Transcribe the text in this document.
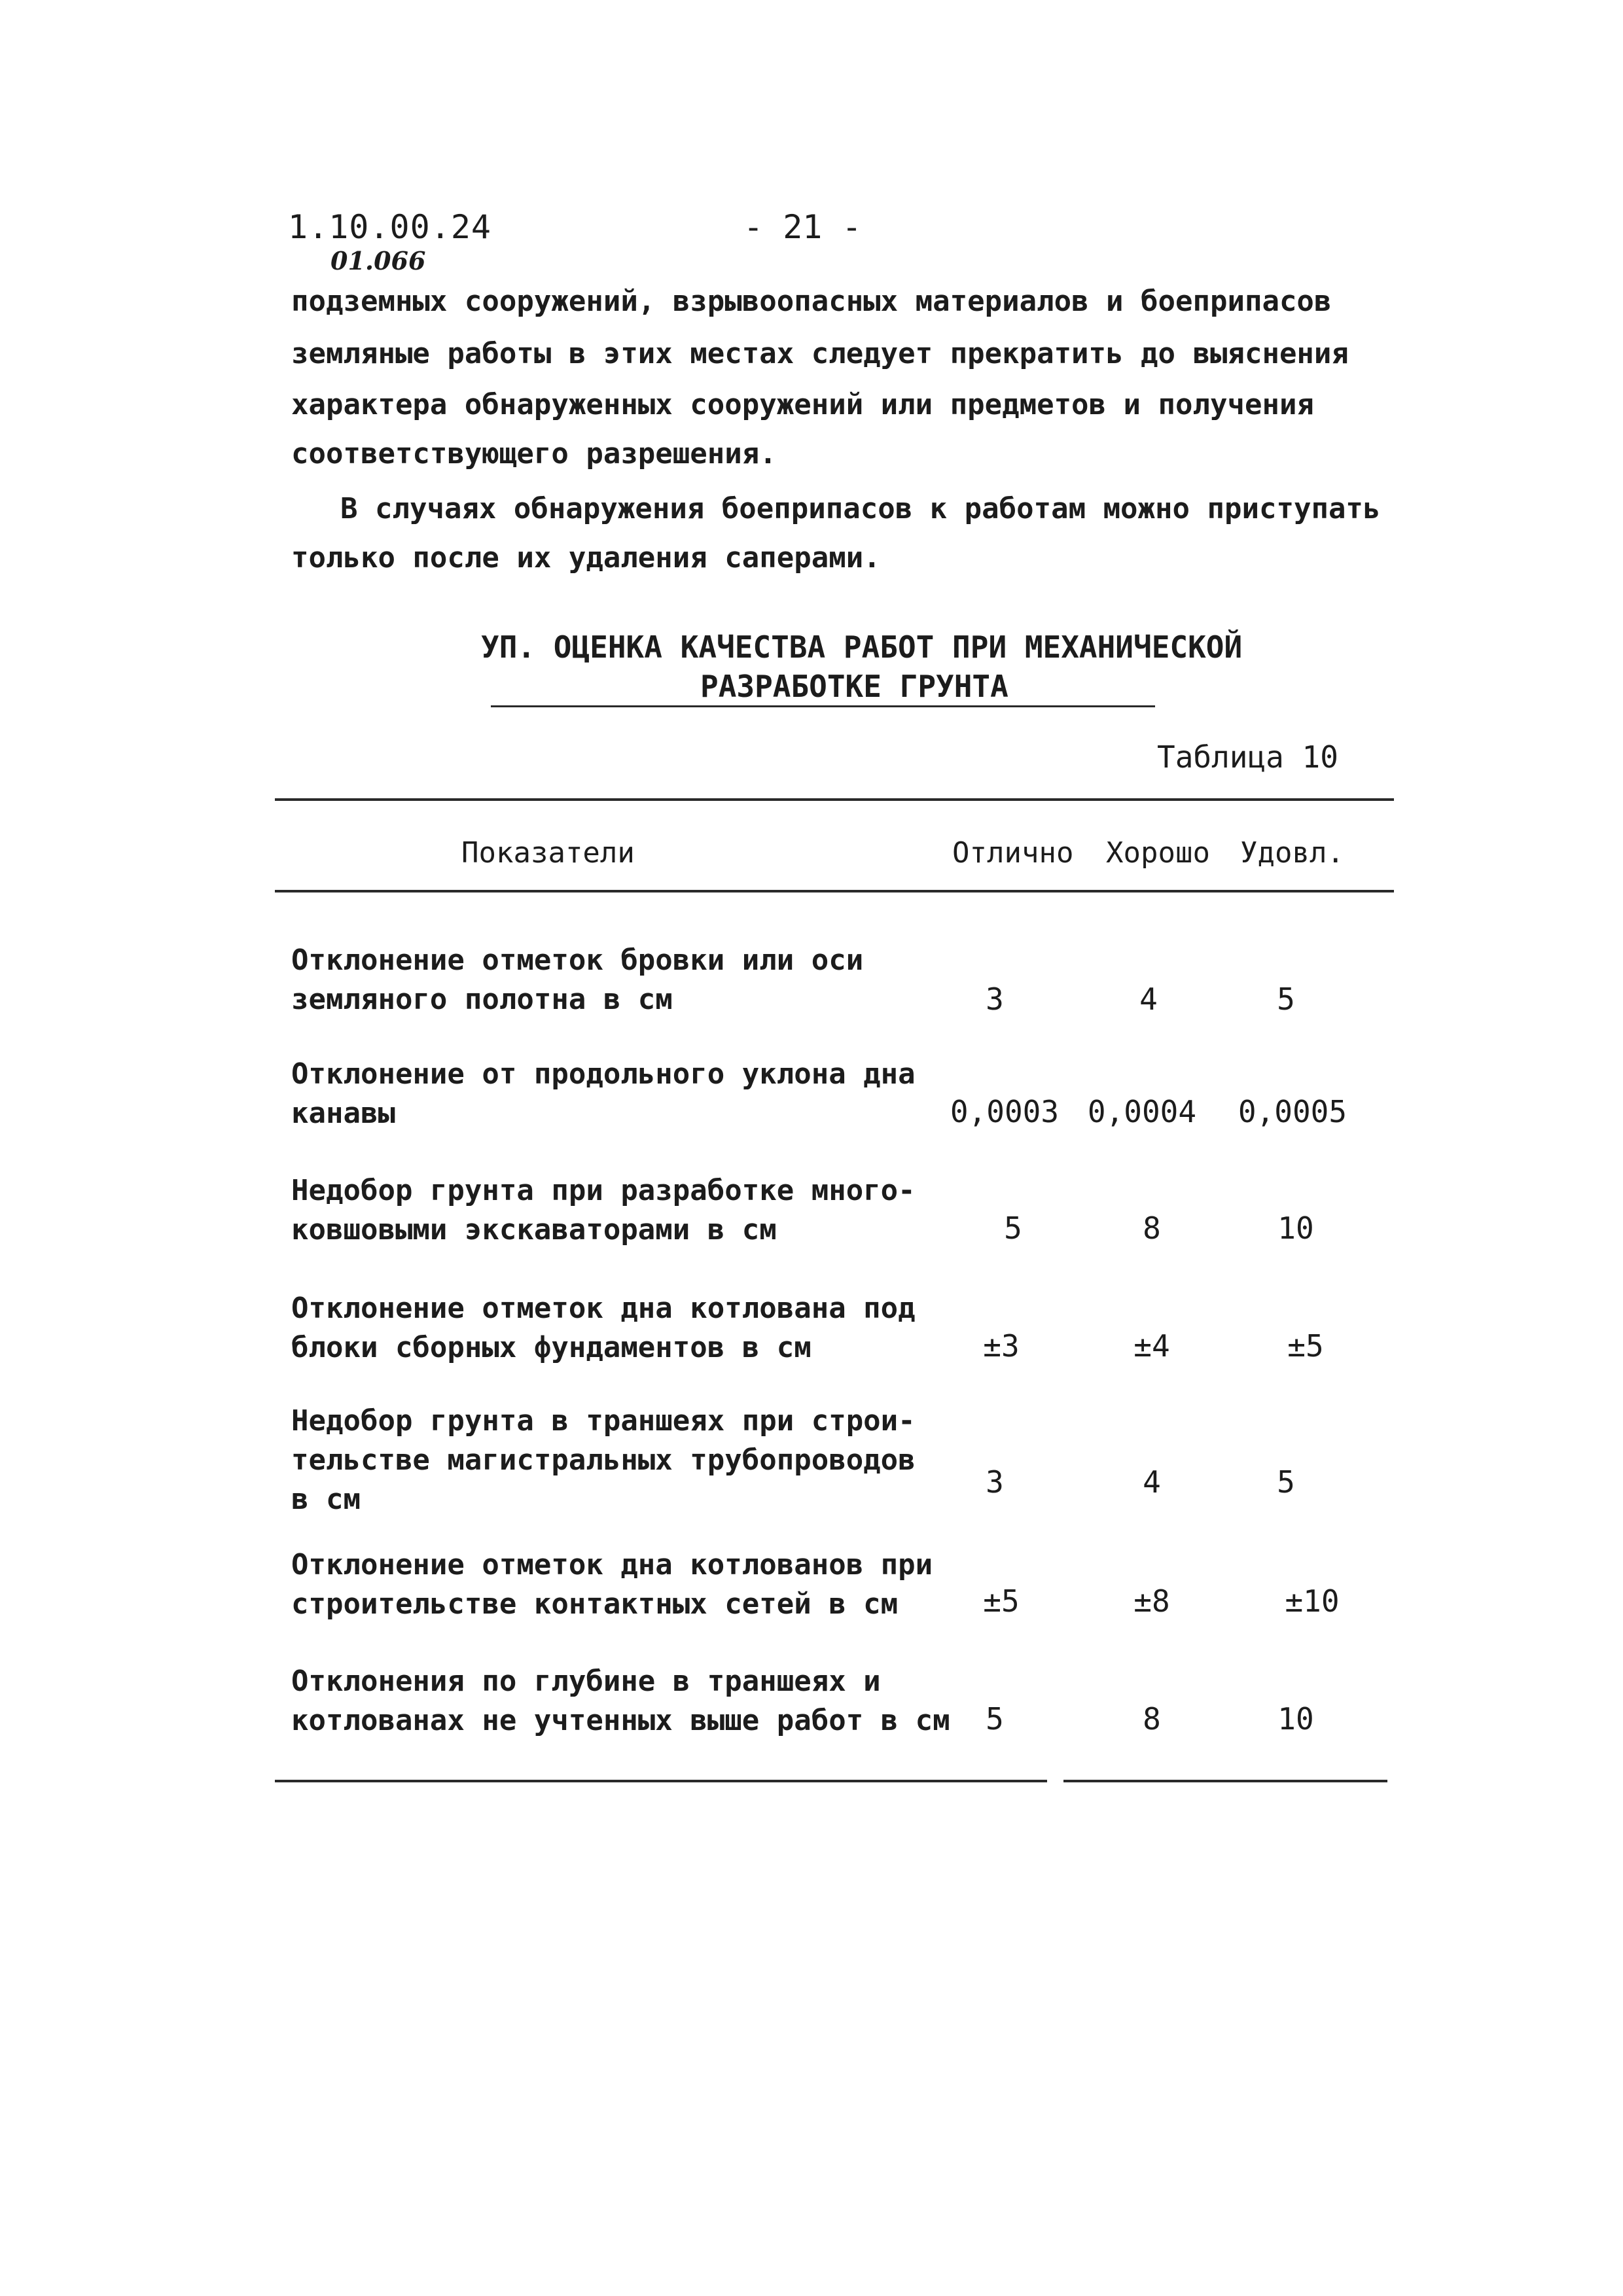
1.10.00.24	- 21 -
01.066
подземных сооружений, взрывоопасных материалов и боеприпасов
земляные работы в этих местах следует прекратить до выяснения
характера обнаруженных сооружений или предметов и получения
соответствующего разрешения.
В случаях обнаружения боеприпасов к работам можно приступать
только после их удаления саперами.
УП. ОЦЕНКА КАЧЕСТВА РАБОТ ПРИ МЕХАНИЧЕСКОЙ
РАЗРАБОТКЕ ГРУНТА
Таблица 10
Показатели	Отлично Хорошо Удовл.
Отклонение отметок бровки или оси
земляного полотна в см	3	4	5
Отклонение от продольного уклона дна
канавы	0,0003 0,0004	0,0005
Недобор грунта при разработке много-
ковшовыми экскаваторами в см	5	8	10
Отклонение отметок дна котлована под
блоки сборных фундаментов в см	±3	±4	±5
Недобор грунта в траншеях при строи-
тельстве магистральных трубопроводов
в см	3	4	5
Отклонение отметок дна котлованов при
строительстве контактных сетей в см	±5	±8	±10
Отклонения по глубине в траншеях и
котлованах не учтенных выше работ в см	5	8	10
